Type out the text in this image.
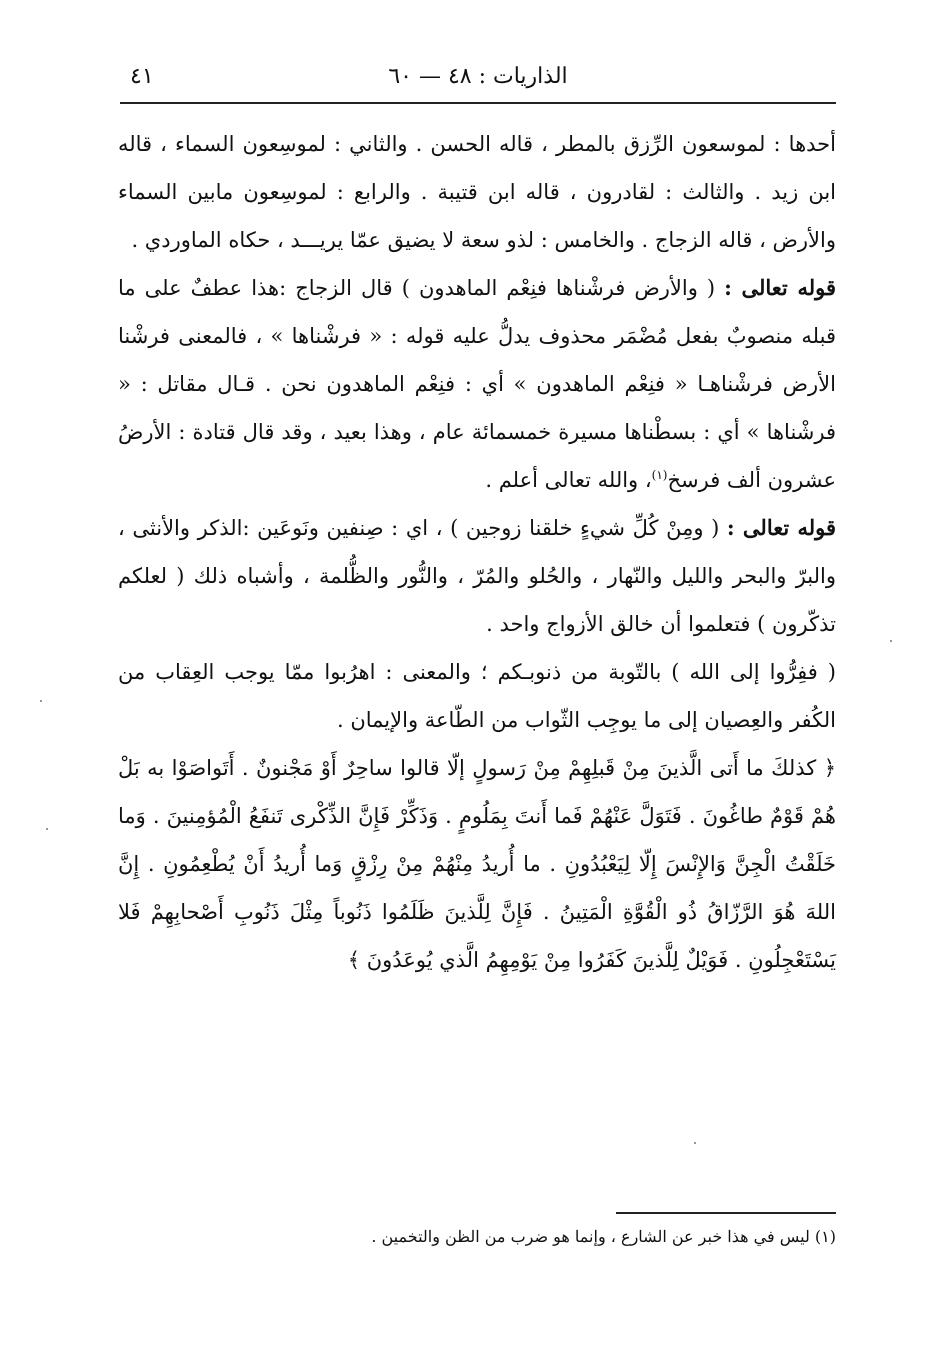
الذاريات : ٤٨ — ٦٠
٤١

أحدها : لموسعون الرِّزق بالمطر ، قاله الحسن . والثاني : لموسِعون السماء ، قاله ابن زيد . والثالث : لقادرون ، قاله ابن قتيبة . والرابع : لموسِعون مابين السماء والأرض ، قاله الزجاج . والخامس : لذو سعة لا يضيق عمّا يريـــد ، حكاه الماوردي .

قوله تعالى : ( والأرض فرشْناها فنِعْم الماهدون ) قال الزجاج :هذا عطفٌ على ما قبله منصوبٌ بفعل مُضْمَر محذوف يدلُّ عليه قوله : « فرشْناها » ، فالمعنى فرشْنا الأرض فرشْناهـا « فنِعْم الماهدون » أي : فنِعْم الماهدون نحن . قـال مقاتل : « فرشْناها » أي : بسطْناها مسيرة خمسمائة عام ، وهذا بعيد ، وقد قال قتادة : الأرضُ عشرون ألف فرسخ$^{(١)}$، والله تعالى أعلم .

قوله تعالى : ( ومِنْ كُلِّ شيءٍ خلقنا زوجين ) ، اي : صِنفين ونَوعَين :الذكر والأنثى ، والبرّ والبحر والليل والنّهار ، والحُلو والمُرّ ، والنُّور والظُّلمة ، وأشباه ذلك ( لعلكم تذكّرون ) فتعلموا أن خالق الأزواج واحد .

( ففِرُّوا إلى الله ) بالتّوبة من ذنوبـكم ؛ والمعنى : اهرُبوا ممّا يوجب العِقاب من الكُفر والعِصيان إلى ما يوجِب الثّواب من الطّاعة والإيمان .

﴿ كذلكَ ما أَتى الَّذينَ مِنْ قَبلِهِمْ مِنْ رَسولٍ إلّا قالوا ساحِرٌ أَوْ مَجْنونٌ . أَتَواصَوْا به بَلْ هُمْ قَوْمٌ طاغُونَ . فَتَوَلَّ عَنْهُمْ فَما أَنتَ بِمَلُومٍ . وَذَكِّرْ فَإِنَّ الذِّكْرى تَنفَعُ الْمُؤمِنينَ . وَما خَلَقْتُ الْجِنَّ وَالإِنْسَ إِلّا لِيَعْبُدُونِ . ما أُريدُ مِنْهُمْ مِنْ رِزْقٍ وَما أُريدُ أَنْ يُطْعِمُونِ . إِنَّ اللهَ هُوَ الرَّزّاقُ ذُو الْقُوَّةِ الْمَتِينُ . فَإِنَّ لِلَّذينَ ظَلَمُوا ذَنُوباً مِثْلَ ذَنُوبِ أَصْحابِهِمْ فَلا يَسْتَعْجِلُونِ . فَوَيْلٌ لِلَّذينَ كَفَرُوا مِنْ يَوْمِهِمُ الَّذي يُوعَدُونَ ﴾

(١) ليس في هذا خبر عن الشارع ، وإنما هو ضرب من الظن والتخمين .
